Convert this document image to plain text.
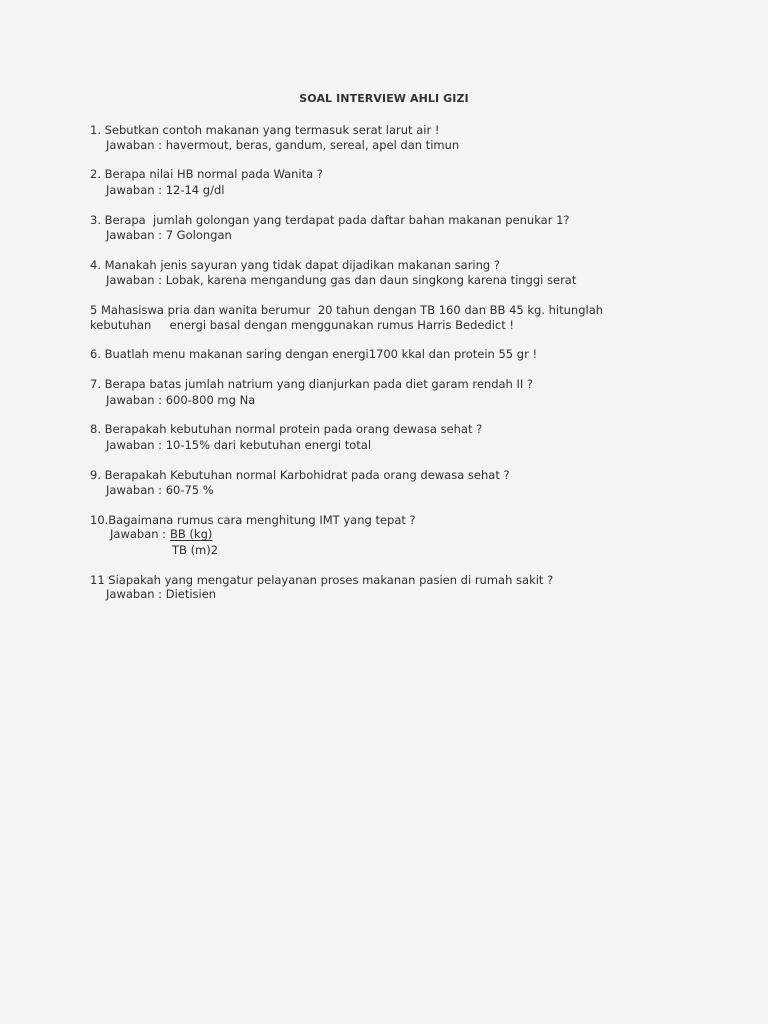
SOAL INTERVIEW AHLI GIZI
1. Sebutkan contoh makanan yang termasuk serat larut air !
Jawaban : havermout, beras, gandum, sereal, apel dan timun
2. Berapa nilai HB normal pada Wanita ?
Jawaban : 12-14 g/dl
3. Berapa  jumlah golongan yang terdapat pada daftar bahan makanan penukar 1?
Jawaban : 7 Golongan
4. Manakah jenis sayuran yang tidak dapat dijadikan makanan saring ?
Jawaban : Lobak, karena mengandung gas dan daun singkong karena tinggi serat
5 Mahasiswa pria dan wanita berumur  20 tahun dengan TB 160 dan BB 45 kg. hitunglah
kebutuhan     energi basal dengan menggunakan rumus Harris Bededict !
6. Buatlah menu makanan saring dengan energi1700 kkal dan protein 55 gr !
7. Berapa batas jumlah natrium yang dianjurkan pada diet garam rendah II ?
Jawaban : 600-800 mg Na
8. Berapakah kebutuhan normal protein pada orang dewasa sehat ?
Jawaban : 10-15% dari kebutuhan energi total
9. Berapakah Kebutuhan normal Karbohidrat pada orang dewasa sehat ?
Jawaban : 60-75 %
10.Bagaimana rumus cara menghitung IMT yang tepat ?
Jawaban : BB (kg)
TB (m)2
11 Siapakah yang mengatur pelayanan proses makanan pasien di rumah sakit ?
Jawaban : Dietisien
